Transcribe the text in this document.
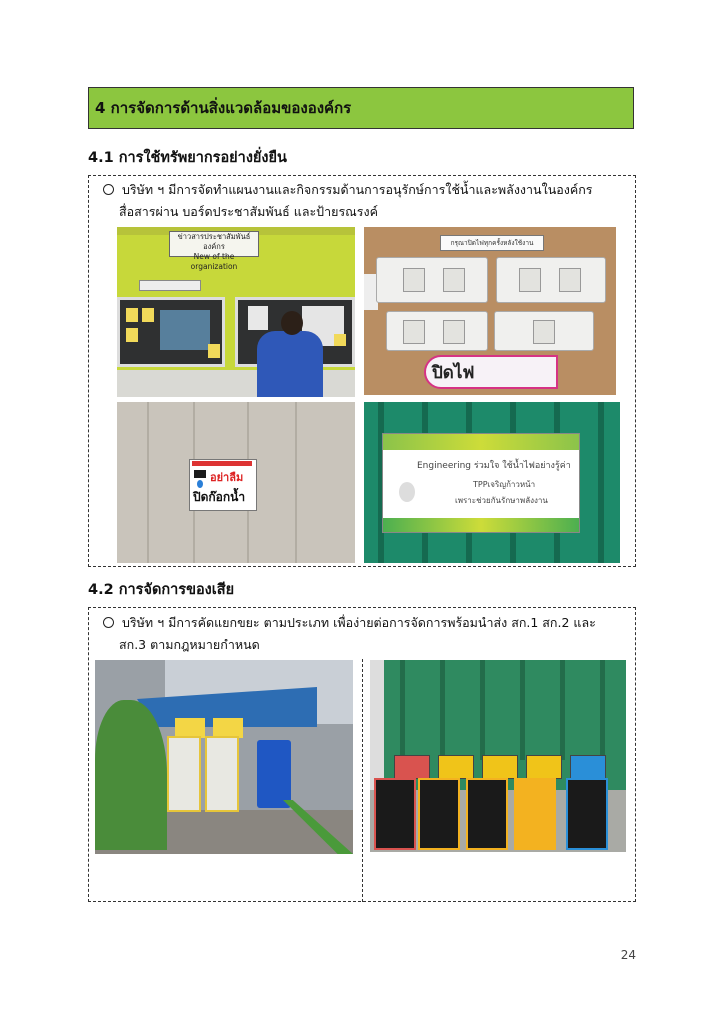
4 การจัดการด้านสิ่งแวดล้อมขององค์กร
4.1 การใช้ทรัพยากรอย่างยั่งยืน
บริษัท ฯ มีการจัดทำแผนงานและกิจกรรมด้านการอนุรักษ์การใช้น้ำและพลังงานในองค์กร
สื่อสารผ่าน บอร์ดประชาสัมพันธ์ และป้ายรณรงค์
ข่าวสารประชาสัมพันธ์องค์กร
New of the organization
กรุณาปิดไฟทุกครั้งหลังใช้งาน
ปิดไฟ
อย่าลืม
ปิดก๊อกน้ำ
Engineering ร่วมใจ ใช้น้ำไฟอย่างรู้ค่า
TPPเจริญก้าวหน้า
เพราะช่วยกันรักษาพลังงาน
4.2 การจัดการของเสีย
บริษัท ฯ มีการคัดแยกขยะ ตามประเภท เพื่อง่ายต่อการจัดการพร้อมนำส่ง สก.1 สก.2 และ
สก.3 ตามกฎหมายกำหนด
24
